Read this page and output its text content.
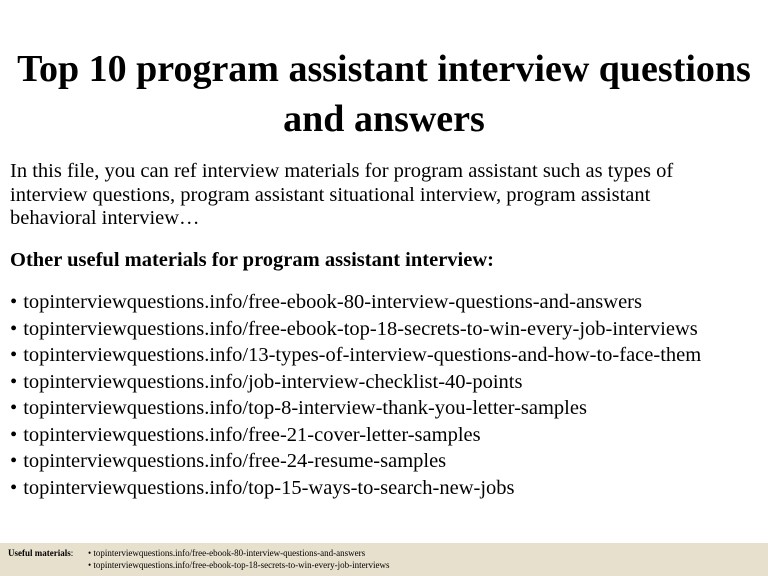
Top 10 program assistant interview questions
and answers

In this file, you can ref interview materials for program assistant such as types of
interview questions, program assistant situational interview, program assistant
behavioral interview…

Other useful materials for program assistant interview:

• topinterviewquestions.info/free-ebook-80-interview-questions-and-answers
• topinterviewquestions.info/free-ebook-top-18-secrets-to-win-every-job-interviews
• topinterviewquestions.info/13-types-of-interview-questions-and-how-to-face-them
• topinterviewquestions.info/job-interview-checklist-40-points
• topinterviewquestions.info/top-8-interview-thank-you-letter-samples
• topinterviewquestions.info/free-21-cover-letter-samples
• topinterviewquestions.info/free-24-resume-samples
• topinterviewquestions.info/top-15-ways-to-search-new-jobs
Useful materials: • topinterviewquestions.info/free-ebook-80-interview-questions-and-answers
• topinterviewquestions.info/free-ebook-top-18-secrets-to-win-every-job-interviews
